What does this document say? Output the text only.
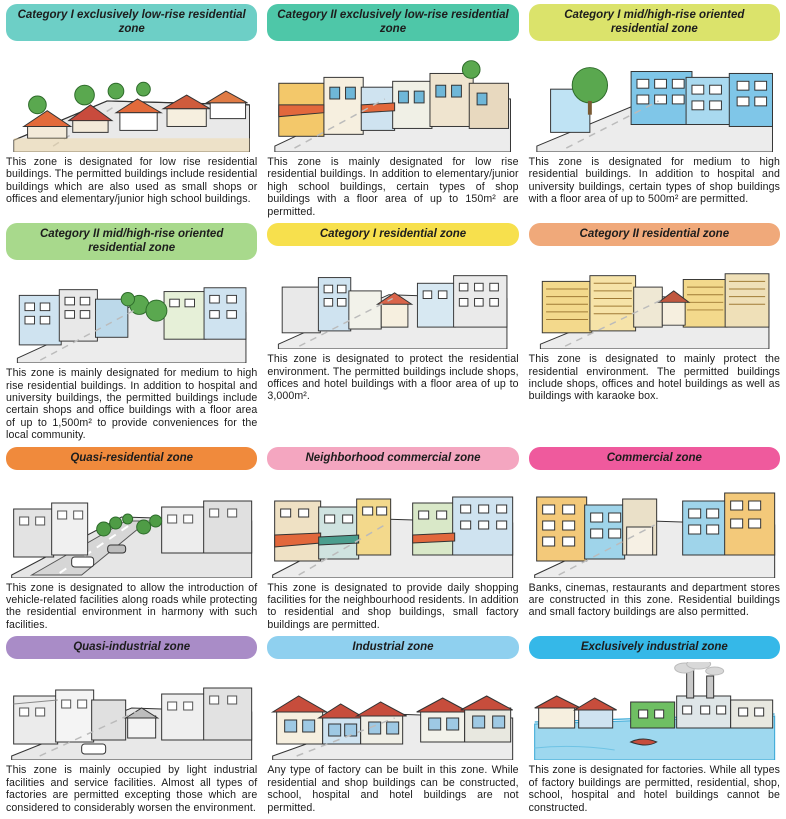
Category I exclusively low-rise residential zone
This zone is designated for low rise residential buildings. The permitted buildings include residential buildings which are also used as small shops or offices and elementary/junior high school buildings.
Category II exclusively low-rise residential zone
This zone is mainly designated for low rise residential buildings. In addition to elementary/junior high school buildings, certain types of shop buildings with a floor area of up to 150m² are permitted.
Category I mid/high-rise oriented residential zone
This zone is designated for medium to high residential buildings. In addition to hospital and university buildings, certain types of shop buildings with a floor area of up to 500m² are permitted.
Category II mid/high-rise oriented residential zone
This zone is mainly designated for medium to high rise residential buildings. In addition to hospital and university buildings, the permitted buildings include certain shops and office buildings with a floor area of up to 1,500m² to provide conveniences for the local community.
Category I residential zone
This zone is designated to protect the residential environment. The permitted buildings include shops, offices and hotel buildings with a floor area of up to 3,000m².
Category II residential zone
This zone is designated to mainly protect the residential environment. The permitted buildings include shops, offices and hotel buildings as well as buildings with karaoke box.
Quasi-residential zone
This zone is designated to allow the introduction of vehicle-related facilities along roads while protecting the residential environment in harmony with such facilities.
Neighborhood commercial zone
This zone is designated to provide daily shopping facilities for the neighbourhood residents. In addition to residential and shop buildings, small factory buildings are permitted.
Commercial zone
Banks, cinemas, restaurants and department stores are constructed in this zone. Residential buildings and small factory buildings are also permitted.
Quasi-industrial zone
This zone is mainly occupied by light industrial facilities and service facilities. Almost all types of factories are permitted excepting those which are considered to considerably worsen the environment.
Industrial zone
Any type of factory can be built in this zone. While residential and shop buildings can be constructed, school, hospital and hotel buildings are not permitted.
Exclusively industrial zone
This zone is designated for factories. While all types of factory buildings are permitted, residential, shop, school, hospital and hotel buildings cannot be constructed.
